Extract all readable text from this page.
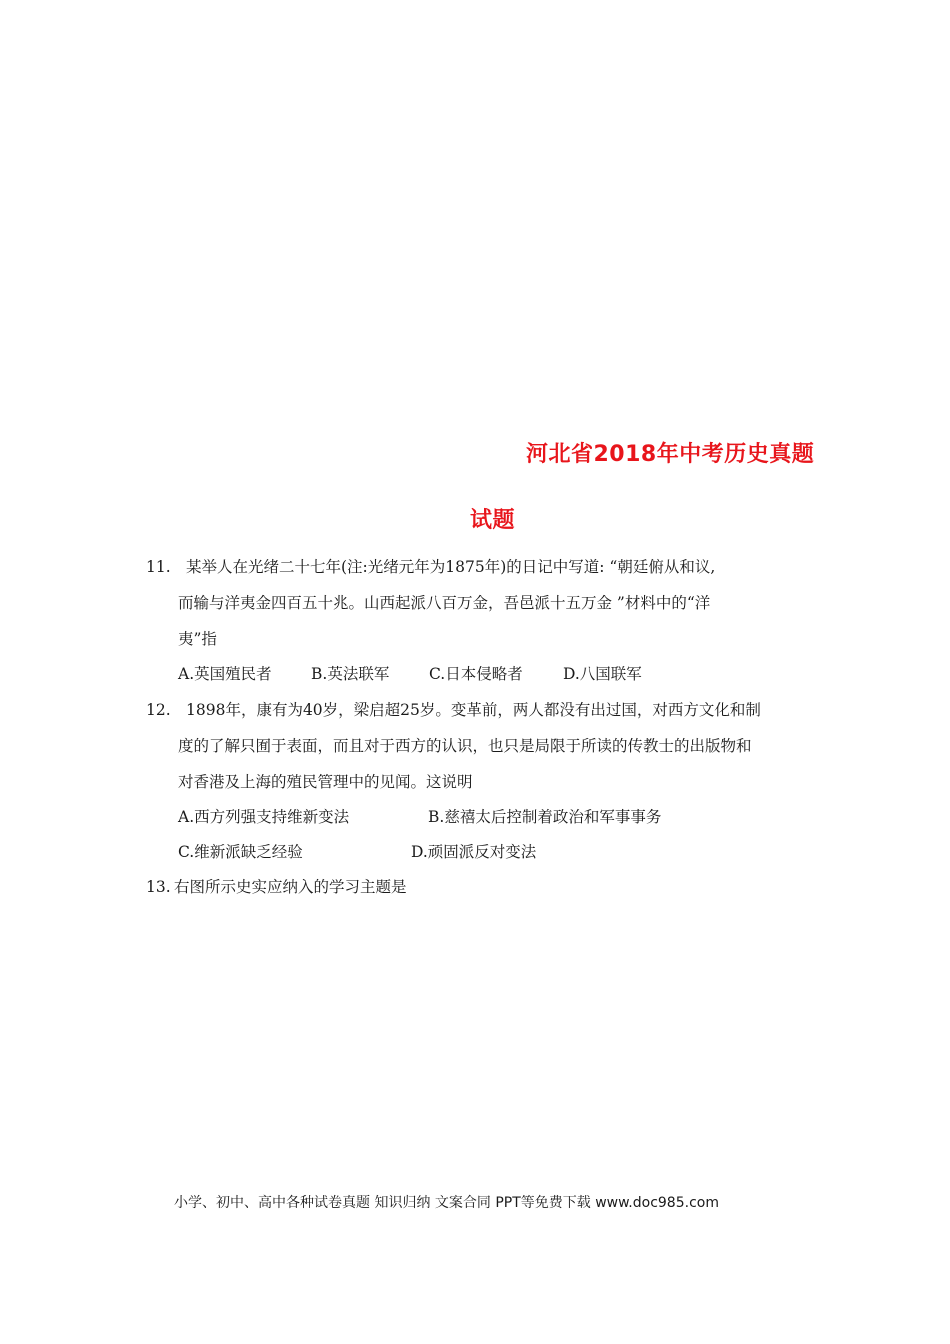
河北省2018年中考历史真题
试题
11. 某举人在光绪二十七年(注:光绪元年为1875年)的日记中写道: “朝廷俯从和议,
而输与洋夷金四百五十兆。山西起派八百万金，吾邑派十五万金 ”材料中的“洋
夷”指
A.英国殖民者	B.英法联军	C.日本侵略者	D.八国联军
12. 1898年，康有为40岁，梁启超25岁。变革前，两人都没有出过国，对西方文化和制
度的了解只囿于表面，而且对于西方的认识，也只是局限于所读的传教士的出版物和
对香港及上海的殖民管理中的见闻。这说明
A.西方列强支持维新变法	B.慈禧太后控制着政治和军事事务
C.维新派缺乏经验	D.顽固派反对变法
13. 右图所示史实应纳入的学习主题是
小学、初中、高中各种试卷真题 知识归纳 文案合同 PPT等免费下载 www.doc985.com
